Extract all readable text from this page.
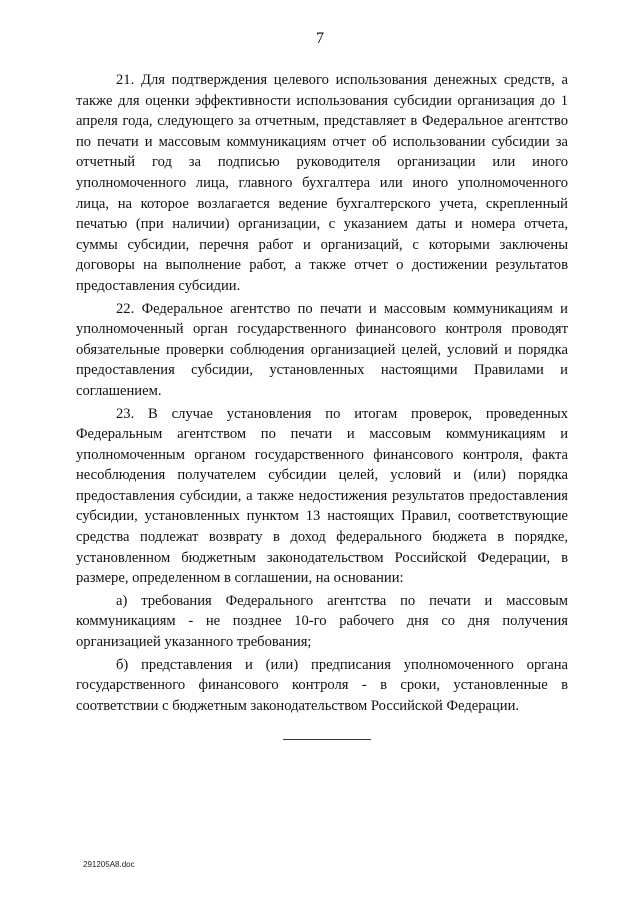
7

21. Для подтверждения целевого использования денежных средств, а также для оценки эффективности использования субсидии организация до 1 апреля года, следующего за отчетным, представляет в Федеральное агентство по печати и массовым коммуникациям отчет об использовании субсидии за отчетный год за подписью руководителя организации или иного уполномоченного лица, главного бухгалтера или иного уполномоченного лица, на которое возлагается ведение бухгалтерского учета, скрепленный печатью (при наличии) организации, с указанием даты и номера отчета, суммы субсидии, перечня работ и организаций, с которыми заключены договоры на выполнение работ, а также отчет о достижении результатов предоставления субсидии.

22. Федеральное агентство по печати и массовым коммуникациям и уполномоченный орган государственного финансового контроля проводят обязательные проверки соблюдения организацией целей, условий и порядка предоставления субсидии, установленных настоящими Правилами и соглашением.

23. В случае установления по итогам проверок, проведенных Федеральным агентством по печати и массовым коммуникациям и уполномоченным органом государственного финансового контроля, факта несоблюдения получателем субсидии целей, условий и (или) порядка предоставления субсидии, а также недостижения результатов предоставления субсидии, установленных пунктом 13 настоящих Правил, соответствующие средства подлежат возврату в доход федерального бюджета в порядке, установленном бюджетным законодательством Российской Федерации, в размере, определенном в соглашении, на основании:

а) требования Федерального агентства по печати и массовым коммуникациям - не позднее 10-го рабочего дня со дня получения организацией указанного требования;

б) представления и (или) предписания уполномоченного органа государственного финансового контроля - в сроки, установленные в соответствии с бюджетным законодательством Российской Федерации.

291205A8.doc
